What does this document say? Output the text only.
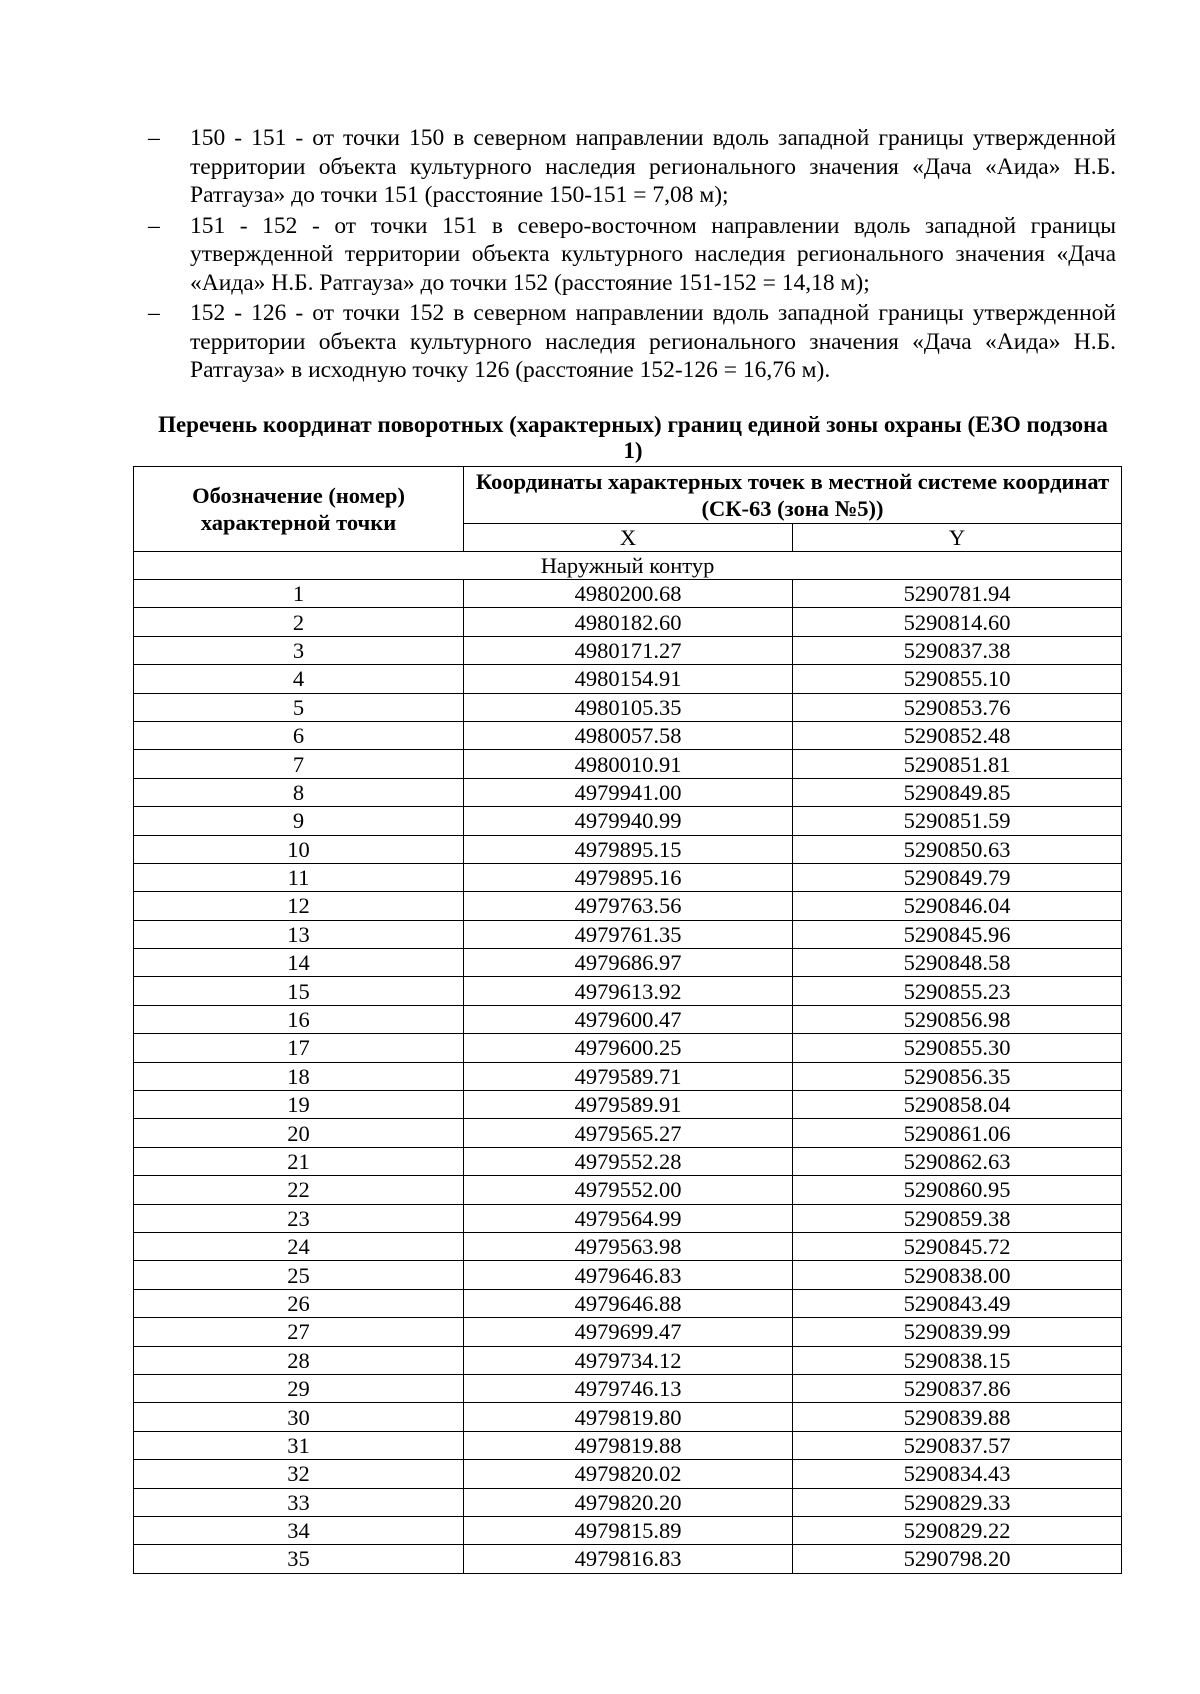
– 150 - 151 - от точки 150 в северном направлении вдоль западной границы утвержденной территории объекта культурного наследия регионального значения «Дача «Аида» Н.Б. Ратгауза» до точки 151 (расстояние 150-151 = 7,08 м);
– 151 - 152 - от точки 151 в северо-восточном направлении вдоль западной границы утвержденной территории объекта культурного наследия регионального значения «Дача «Аида» Н.Б. Ратгауза» до точки 152 (расстояние 151-152 = 14,18 м);
– 152 - 126 - от точки 152 в северном направлении вдоль западной границы утвержденной территории объекта культурного наследия регионального значения «Дача «Аида» Н.Б. Ратгауза» в исходную точку 126 (расстояние 152-126 = 16,76 м).
Перечень координат поворотных (характерных) границ единой зоны охраны (ЕЗО подзона 1)
Обозначение (номер) характерной точки	Координаты характерных точек в местной системе координат (СК-63 (зона №5))	
	X	Y
Наружный контур		
1	4980200.68	5290781.94
2	4980182.60	5290814.60
3	4980171.27	5290837.38
4	4980154.91	5290855.10
5	4980105.35	5290853.76
6	4980057.58	5290852.48
7	4980010.91	5290851.81
8	4979941.00	5290849.85
9	4979940.99	5290851.59
10	4979895.15	5290850.63
11	4979895.16	5290849.79
12	4979763.56	5290846.04
13	4979761.35	5290845.96
14	4979686.97	5290848.58
15	4979613.92	5290855.23
16	4979600.47	5290856.98
17	4979600.25	5290855.30
18	4979589.71	5290856.35
19	4979589.91	5290858.04
20	4979565.27	5290861.06
21	4979552.28	5290862.63
22	4979552.00	5290860.95
23	4979564.99	5290859.38
24	4979563.98	5290845.72
25	4979646.83	5290838.00
26	4979646.88	5290843.49
27	4979699.47	5290839.99
28	4979734.12	5290838.15
29	4979746.13	5290837.86
30	4979819.80	5290839.88
31	4979819.88	5290837.57
32	4979820.02	5290834.43
33	4979820.20	5290829.33
34	4979815.89	5290829.22
35	4979816.83	5290798.20
